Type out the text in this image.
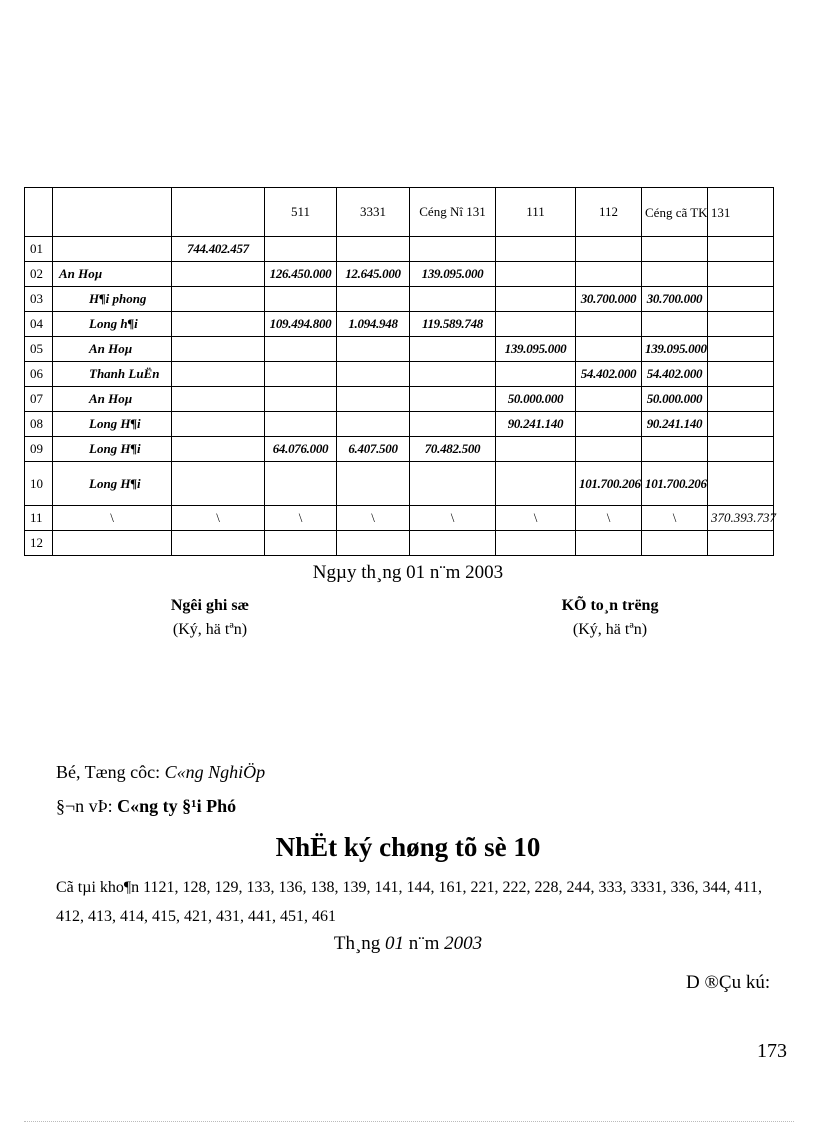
			511	3331	Céng Nî 131	111	112	Céng cã TK 131	
01		744.402.457							
02	An Hoµ		126.450.000	12.645.000	139.095.000				
03	H¶i phong						30.700.000	30.700.000	
04	Long h¶i		109.494.800	1.094.948	119.589.748				
05	An Hoµ					139.095.000		139.095.000	
06	Thanh LuËn						54.402.000	54.402.000	
07	An Hoµ					50.000.000		50.000.000	
08	Long H¶i					90.241.140		90.241.140	
09	Long H¶i		64.076.000	6.407.500	70.482.500				
10	Long H¶i						101.700.206	101.700.206	
11	\	\	\	\	\	\	\	\	370.393.737
12									
Ngµy th¸ng 01 n¨m 2003
Ngêi ghi sæ
(Ký, hä tªn)
KÕ to¸n trëng
(Ký, hä tªn)
Bé, Tæng côc: C«ng NghiÖp
§¬n vÞ: C«ng ty §¹i Phó
NhËt ký chøng tõ sè 10
Cã tµi kho¶n 1121, 128, 129, 133, 136, 138, 139, 141, 144, 161, 221, 222, 228, 244, 333, 3331, 336, 344, 411, 412, 413, 414, 415, 421, 431, 441, 451, 461
Th¸ng 01 n¨m 2003
D ®Çu kú:
173
